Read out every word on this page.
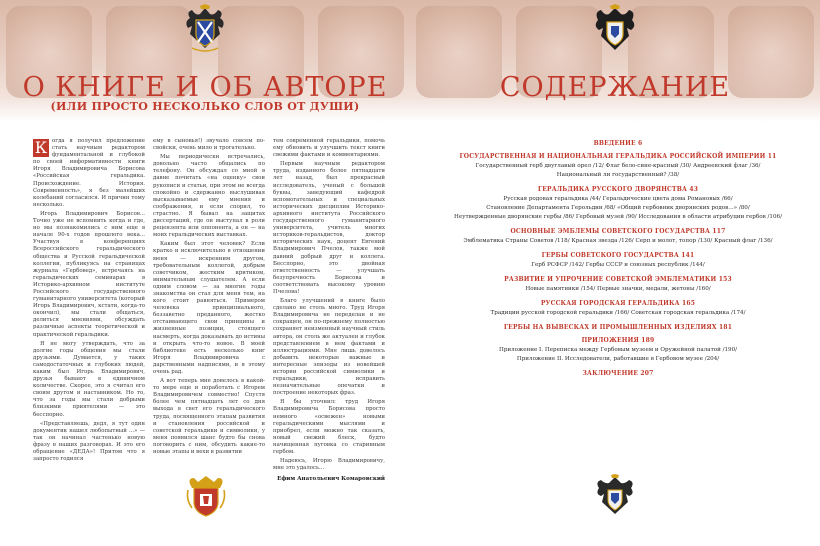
О КНИГЕ И ОБ АВТОРЕ
(ИЛИ ПРОСТО НЕСКОЛЬКО СЛОВ ОТ ДУШИ)

К огда я получил предложение стать научным редактором фундаментальной и глубокой по своей информативности книги Игоря Владимировича Борисова «Российская геральдика. Происхождение. История. Современность», я без малейших колебаний согласился. И причин тому несколько.

Игорь Владимирович Борисов... Точно уже не вспомнить когда и где, но мы познакомились с ним еще в начале 90-х годов прошлого века... Участвуя в конференциях Всероссийского геральдического общества и Русской геральдической коллегии, публикуясь на страницах журнала «Гербовед», встречаясь на геральдических семинарах в Историко-архивном институте Российского государственного гуманитарного университета (который Игорь Владимирович, кстати, когда-то окончил), мы стали общаться, делиться мнениями, обсуждать различные аспекты теоретической и практической геральдики.

Я не могу утверждать, что за долгие годы общения мы стали друзьями. Думается, у таких самодостаточных и глубоких людей, каким был Игорь Владимирович, друзья бывают в единичном количестве. Скорее, это я считал его своим другом и наставником. Но то, что за годы мы стали добрыми близкими приятелями — это бесспорно.

«Представляешь, дедл, я тут один документик нашел любопытный ...» — так он начинал частенько новую фразу в наших разговорах. И это его обращение «ДЕДА»! Притом что я запросто годился

ему в сыновья!) звучало совсем по-свойски, очень мило и трогательно.

Мы периодически встречались, довольно часто общались по телефону. Он обсуждал со мной в давне почитать «на оценку» свои рукописи и статьи, при этом не всегда спокойно и сдержанно выслушивая высказываемые ему мнения и соображения, и если спорил, то страстно. Я бывал на защитах диссертаций, где он выступал в роли рецензента или оппонента, а он — на моих геральдических выставках.

Каким был этот человек? Если кратко и исключительно в отношении меня — искренним другом, требовательным коллегой, добрым советчиком, жестким критиком, внимательным слушателем. А если одним словом — за многие годы знакомства он стал для меня тем, на кого стоит равняться. Примером человека принципиального, беззаветно преданного, жестко отстаивающего свои принципы и жизненные позиции, стоящего насмерть, когда доказывать до истины и открыть что-то новое. В моей библиотеке есть несколько книг Игоря Владимировича с дарственными надписями, и я этому очень рад.

А вот теперь мне довелось в какой-то мере еще и поработать с Игорем Владимировичем совместно! Спустя более чем пятнадцать лет со дня выхода в свет его геральдического труда, посвященного этапам развития и становления российской и советской геральдики и символики, у меня появился шанс будто бы снова поговорить с ним, обсудить какие-то новые этапы и вехи в развитии

тем современной геральдики, помочь ему обновить и улучшить текст книги свежими фактами и комментариями.

Первым научным редактором труда, изданного более пятнадцати лет назад, был прекрасный исследователь, ученый с большой буквы, заведующий кафедрой вспомогательных и специальных исторических дисциплин Историко-архивного института Российского государственного гуманитарного университета, учитель многих историков-геральдистов, доктор исторических наук, доцент Евгений Владимирович Пчелов, также мой давний добрый друг и коллега. Бесспорно, это двойная ответственность — улучшать безупречность Борисова и соответствовать высокому уровню Пчелова!

Благо улучшений в книге было сделано не столь много. Труд Игоря Владимировича не переделан и не сокращен, он по-прежнему полностью сохраняет неизменный научный стиль автора, он столь же актуален и глубок представлением в нем фактами и иллюстрациями. Мне лишь довелось добавить некоторые важные и интересные эпизоды из новейшей истории российской символики и геральдики, исправить незначительные опечатки и построение некоторых фраз.

Я бы уточнил: труд Игоря Владимировича Борисова просто немного «освежен» новыми геральдическими мыслями и приобрел, если можно так сказать, новый свежий блеск, будто начищенная пуговка со старинным гербом.

Надеюсь, Игорю Владимировичу, мне это удалось...

Ефим Анатольевич Комаровский
СОДЕРЖАНИЕ
ВВЕДЕНИЕ 6
ГОСУДАРСТВЕННАЯ И НАЦИОНАЛЬНАЯ ГЕРАЛЬДИКА РОССИЙСКОЙ ИМПЕРИИ 11
Государственный герб двуглавый орел /12/ Флаг бело-сине-красный /30/ Андреевский флаг /36/
Национальный ли государственный? /38/
ГЕРАЛЬДИКА РУССКОГО ДВОРЯНСТВА 43
Русская родовая геральдика /44/ Геральдические цвета дома Романовых /66/
Становление Департамента Герольдии /68/ «Общий гербовник дворянских родов...» /80/
Неутвержденные дворянские гербы /86/ Гербовый музей /90/ Исследования в области атрибуции гербов /106/
ОСНОВНЫЕ ЭМБЛЕМЫ СОВЕТСКОГО ГОСУДАРСТВА 117
Эмблематика Страны Советов /118/ Красная звезда /126/ Серп и молот, топор /130/ Красный флаг /136/
ГЕРБЫ СОВЕТСКОГО ГОСУДАРСТВА 141
Герб РСФСР /142/ Гербы СССР и союзных республик /144/
РАЗВИТИЕ И УПРОЧЕНИЕ СОВЕТСКОЙ ЭМБЛЕМАТИКИ 153
Новые памятники /154/ Первые значки, медали, жетоны /160/
РУССКАЯ ГОРОДСКАЯ ГЕРАЛЬДИКА 165
Традиции русской городской геральдики /166/ Советская городская геральдика /174/
ГЕРБЫ НА ВЫВЕСКАХ И ПРОМЫШЛЕННЫХ ИЗДЕЛИЯХ 181
ПРИЛОЖЕНИЯ 189
Приложение I. Переписка между Гербовым музеем и Оружейной палатой /190/
Приложение II. Исследователи, работавшие в Гербовом музее /204/
ЗАКЛЮЧЕНИЕ 207
